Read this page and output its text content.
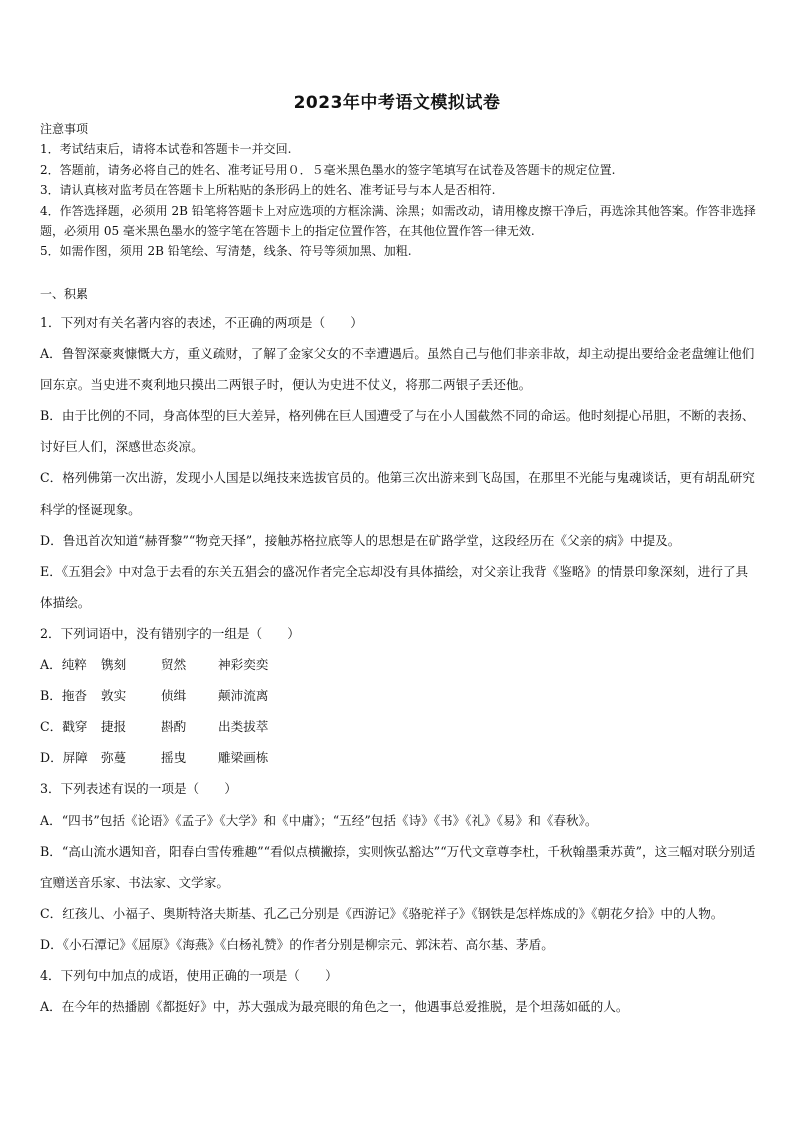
2023年中考语文模拟试卷
注意事项
1．考试结束后，请将本试卷和答题卡一并交回.
2．答题前，请务必将自己的姓名、准考证号用０．５毫米黑色墨水的签字笔填写在试卷及答题卡的规定位置.
3．请认真核对监考员在答题卡上所粘贴的条形码上的姓名、准考证号与本人是否相符.
4．作答选择题，必须用 2B 铅笔将答题卡上对应选项的方框涂满、涂黑；如需改动，请用橡皮擦干净后，再选涂其他答案。作答非选择题，必须用 05 毫米黑色墨水的签字笔在答题卡上的指定位置作答，在其他位置作答一律无效.
5．如需作图，须用 2B 铅笔绘、写清楚，线条、符号等须加黑、加粗.
一、积累
1．下列对有关名著内容的表述，不正确的两项是（　　）
A．鲁智深豪爽慷慨大方，重义疏财，了解了金家父女的不幸遭遇后。虽然自己与他们非亲非故，却主动提出要给金老盘缠让他们回东京。当史进不爽利地只摸出二两银子时，便认为史进不仗义，将那二两银子丢还他。
B．由于比例的不同，身高体型的巨大差异，格列佛在巨人国遭受了与在小人国截然不同的命运。他时刻提心吊胆，不断的表扬、讨好巨人们，深感世态炎凉。
C．格列佛第一次出游，发现小人国是以绳技来选拔官员的。他第三次出游来到飞岛国，在那里不光能与鬼魂谈话，更有胡乱研究科学的怪诞现象。
D．鲁迅首次知道“赫胥黎”“物竞天择”，接触苏格拉底等人的思想是在矿路学堂，这段经历在《父亲的病》中提及。
E．《五猖会》中对急于去看的东关五猖会的盛况作者完全忘却没有具体描绘，对父亲让我背《鉴略》的情景印象深刻，进行了具体描绘。
2．下列词语中，没有错别字的一组是（　　）
A．纯粹	镌刻	贸然	神彩奕奕
B．拖沓	敦实	侦缉	颠沛流离
C．戳穿	捷报	斟酌	出类拔萃
D．屏障	弥蔓	摇曳	雕梁画栋
3．下列表述有误的一项是（　　）
A．“四书”包括《论语》《孟子》《大学》和《中庸》；“五经”包括《诗》《书》《礼》《易》和《春秋》。
B．“高山流水遇知音，阳春白雪传雅趣”“看似点横撇捺，实则恢弘豁达”“万代文章尊李杜，千秋翰墨秉苏黄”，这三幅对联分别适宜赠送音乐家、书法家、文学家。
C．红孩儿、小福子、奥斯特洛夫斯基、孔乙己分别是《西游记》《骆驼祥子》《钢铁是怎样炼成的》《朝花夕拾》中的人物。
D．《小石潭记》《屈原》《海燕》《白杨礼赞》的作者分别是柳宗元、郭沫若、高尔基、茅盾。
4．下列句中加点的成语，使用正确的一项是（　　）
A．在今年的热播剧《都挺好》中，苏大强成为最亮眼的角色之一，他遇事总爱推脱，是个坦荡如砥的人。
